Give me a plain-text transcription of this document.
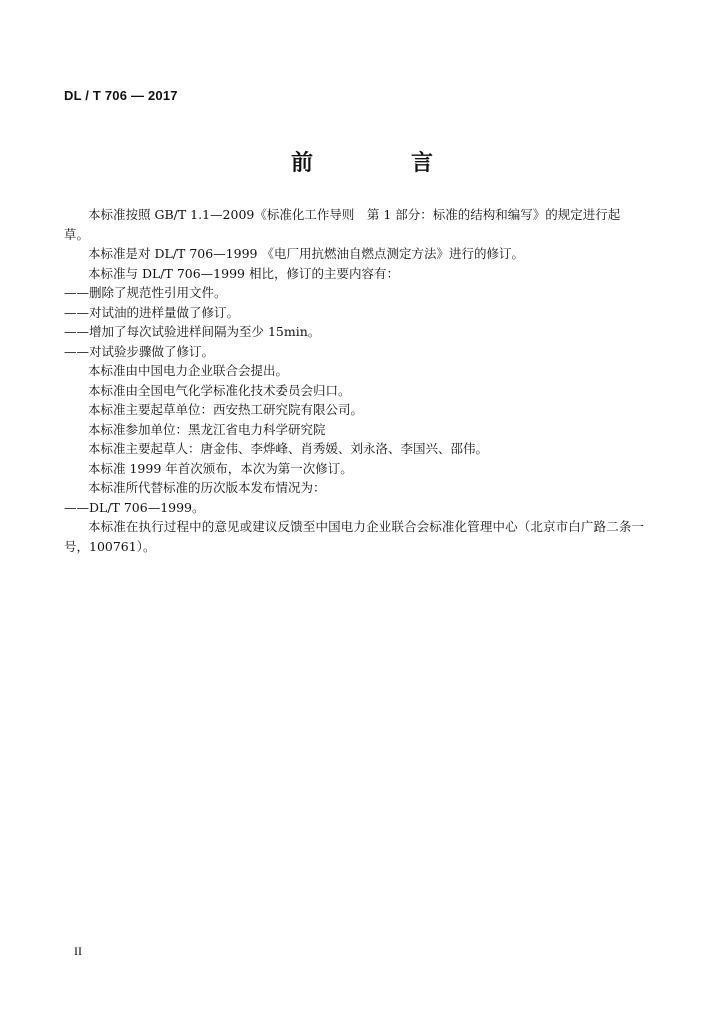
DL / T 706 — 2017
前　言

本标准按照 GB/T 1.1—2009《标准化工作导则　第 1 部分：标准的结构和编写》的规定进行起草。

本标准是对 DL/T 706—1999 《电厂用抗燃油自燃点测定方法》进行的修订。

本标准与 DL/T 706—1999 相比，修订的主要内容有：

——删除了规范性引用文件。

——对试油的进样量做了修订。

——增加了每次试验进样间隔为至少 15min。

——对试验步骤做了修订。

本标准由中国电力企业联合会提出。

本标准由全国电气化学标准化技术委员会归口。

本标准主要起草单位：西安热工研究院有限公司。

本标准参加单位：黑龙江省电力科学研究院

本标准主要起草人：唐金伟、李烨峰、肖秀媛、刘永洛、李国兴、邵伟。

本标准 1999 年首次颁布，本次为第一次修订。

本标准所代替标准的历次版本发布情况为：

——DL/T 706—1999。

本标准在执行过程中的意见或建议反馈至中国电力企业联合会标准化管理中心（北京市白广路二条一号，100761）。

II
